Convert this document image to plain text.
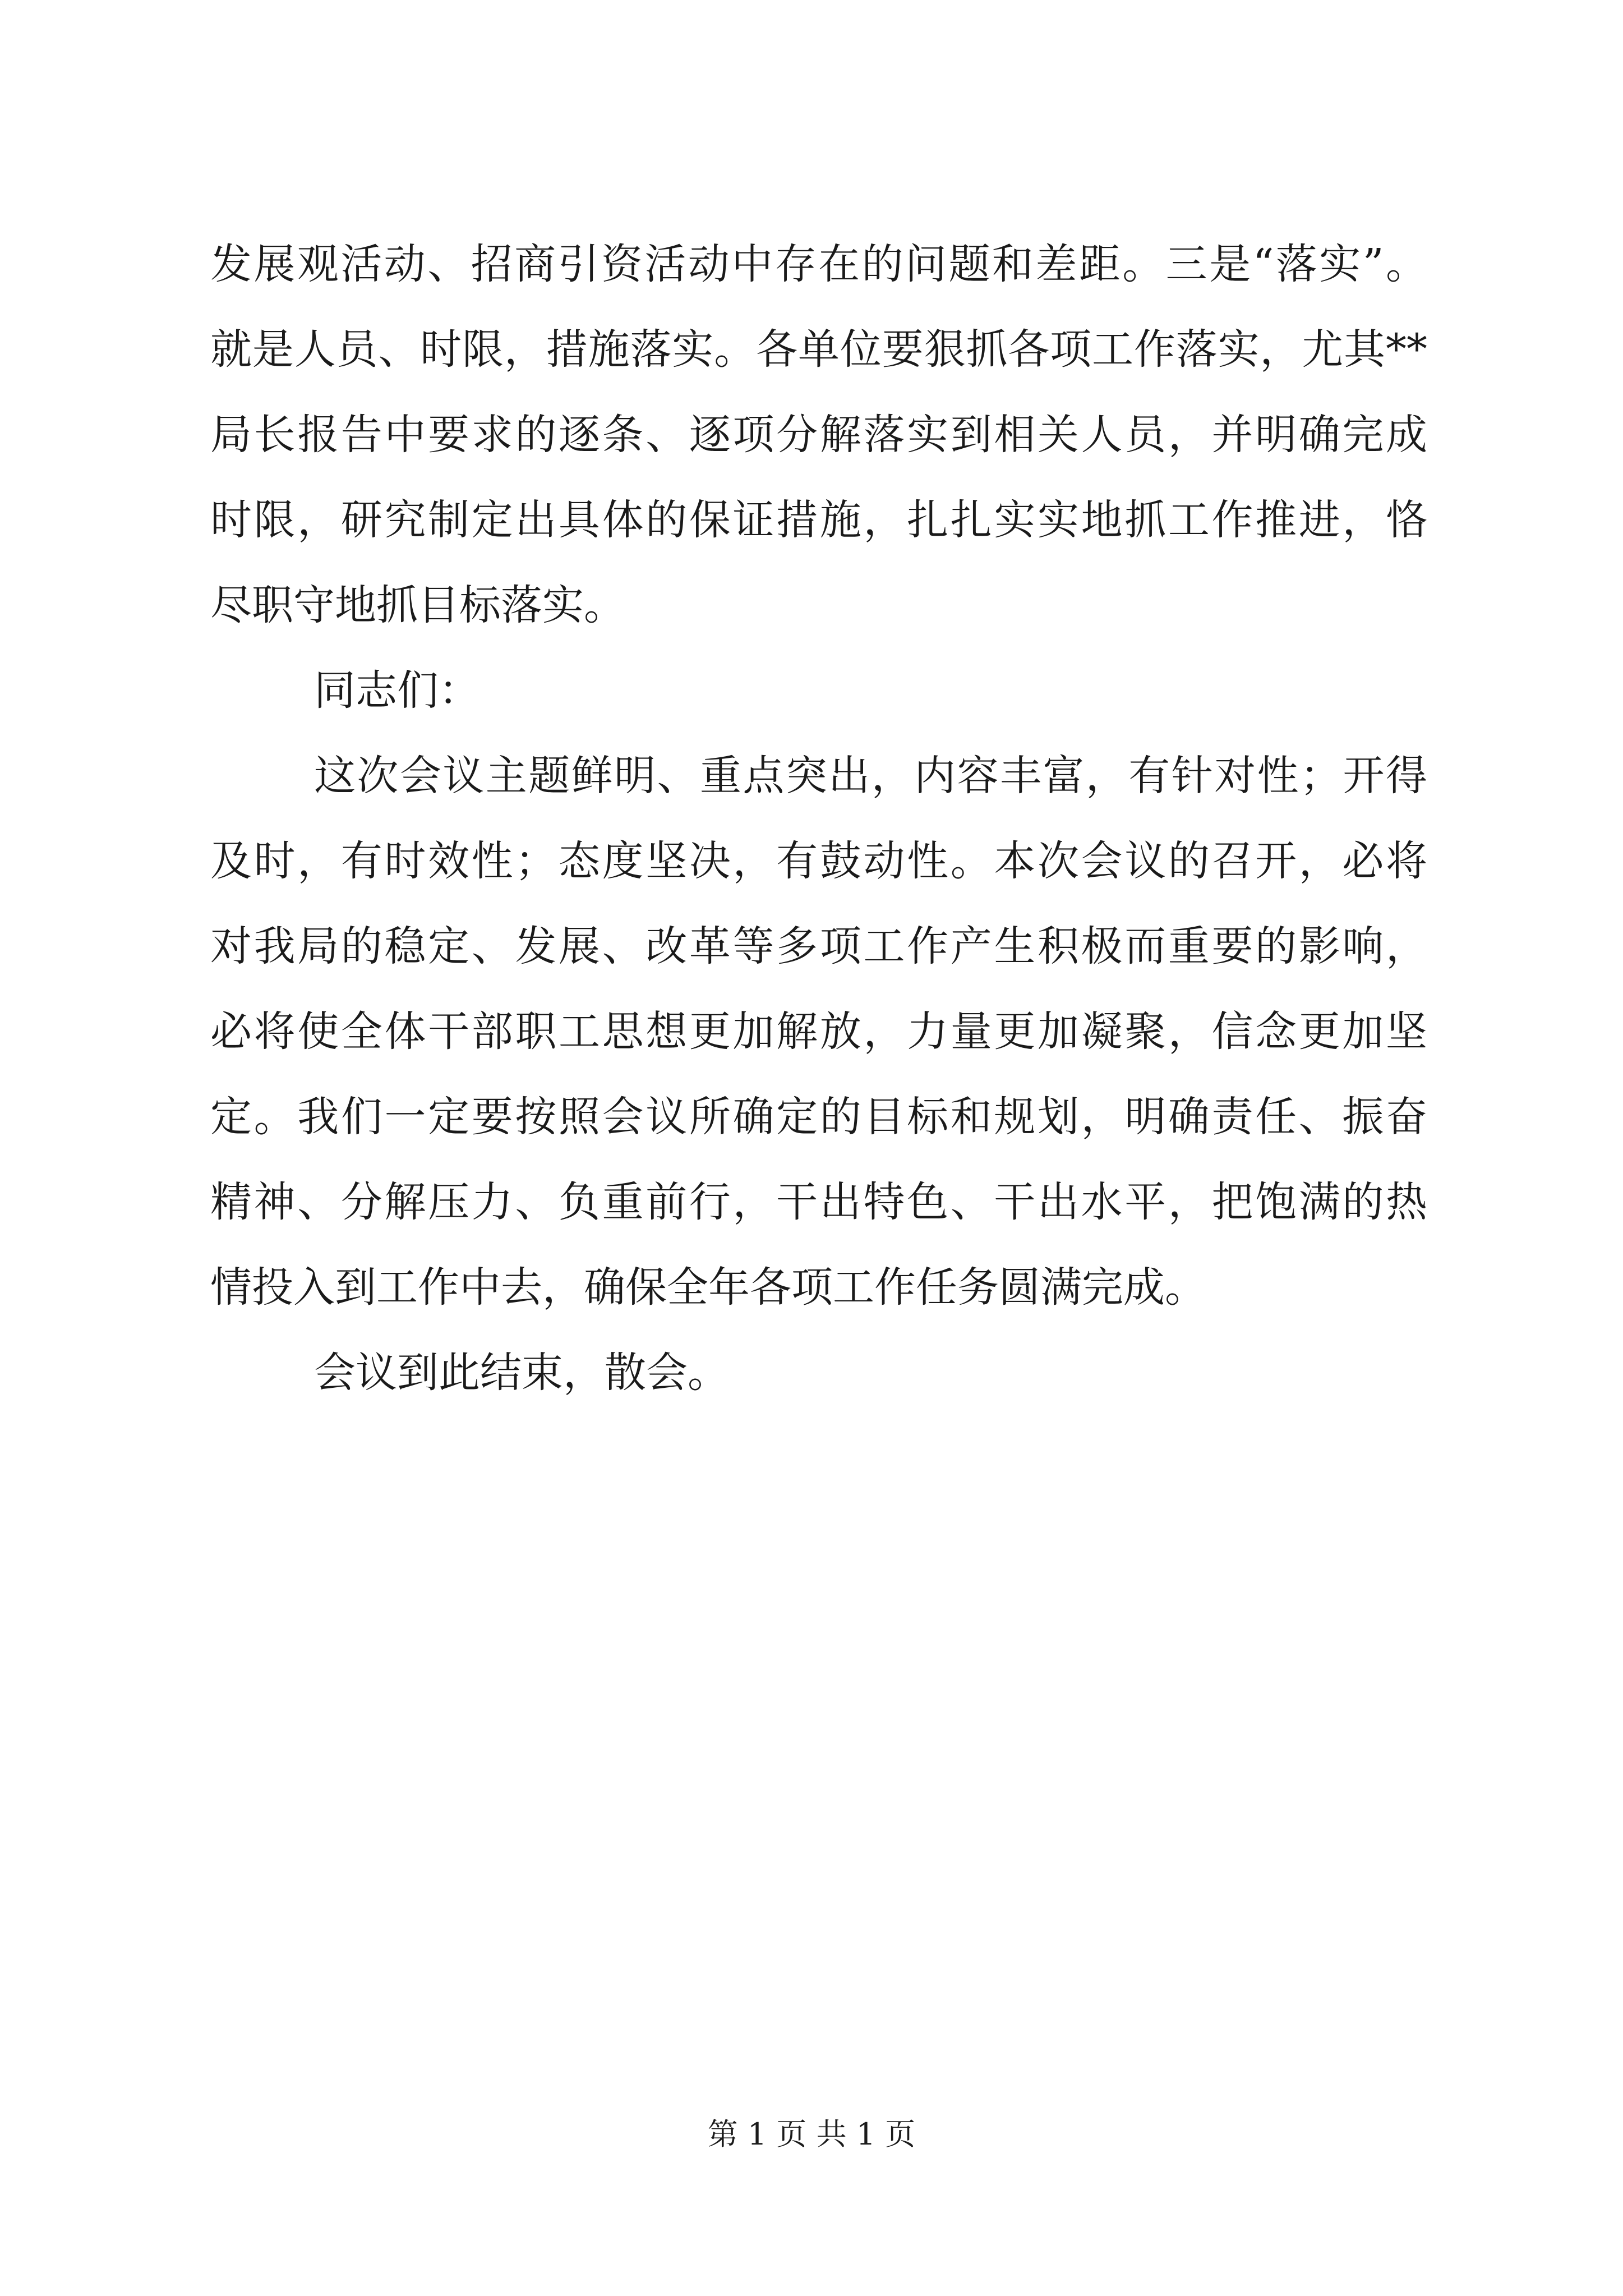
发展观活动、招商引资活动中存在的问题和差距。三是“落实”。
就是人员、时限，措施落实。各单位要狠抓各项工作落实，尤其**
局长报告中要求的逐条、逐项分解落实到相关人员，并明确完成
时限，研究制定出具体的保证措施，扎扎实实地抓工作推进，恪
尽职守地抓目标落实。
同志们：
这次会议主题鲜明、重点突出，内容丰富，有针对性；开得
及时，有时效性；态度坚决，有鼓动性。本次会议的召开，必将
对我局的稳定、发展、改革等多项工作产生积极而重要的影响，
必将使全体干部职工思想更加解放，力量更加凝聚，信念更加坚
定。我们一定要按照会议所确定的目标和规划，明确责任、振奋
精神、分解压力、负重前行，干出特色、干出水平，把饱满的热
情投入到工作中去，确保全年各项工作任务圆满完成。
会议到此结束，散会。
第 1 页 共 1 页
